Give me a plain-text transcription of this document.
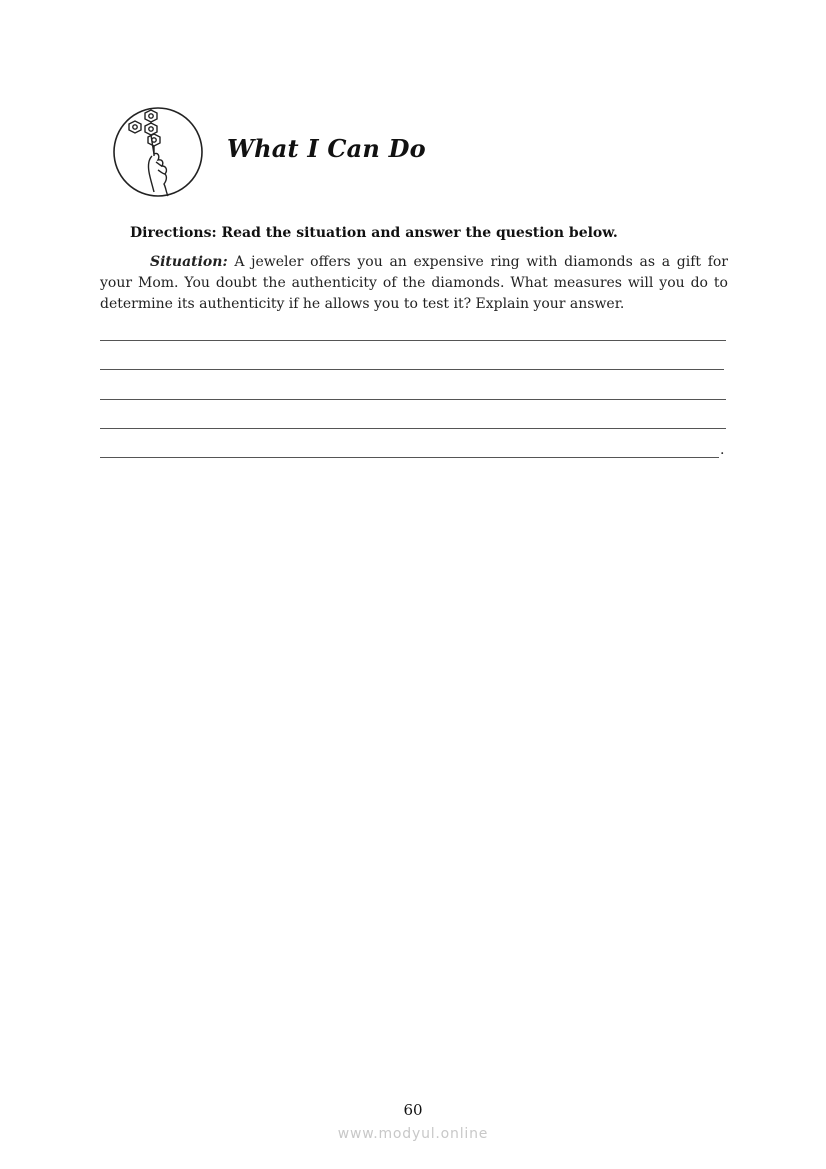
What I Can Do
Directions: Read the situation and answer the question below.
Situation: A jeweler offers you an expensive ring with diamonds as a gift for your Mom. You doubt the authenticity of the diamonds. What measures will you do to determine its authenticity if he allows you to test it? Explain your answer.
.
60
www.modyul.online
